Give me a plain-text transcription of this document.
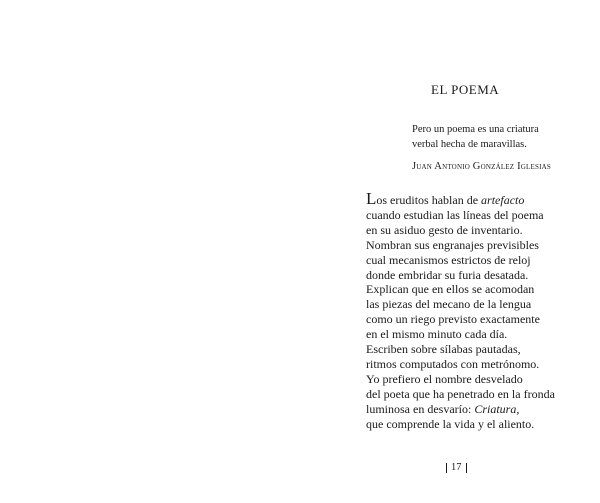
EL POEMA
Pero un poema es una criatura
verbal hecha de maravillas.
Juan Antonio González Iglesias
Los eruditos hablan de artefacto
cuando estudian las líneas del poema
en su asiduo gesto de inventario.
Nombran sus engranajes previsibles
cual mecanismos estrictos de reloj
donde embridar su furia desatada.
Explican que en ellos se acomodan
las piezas del mecano de la lengua
como un riego previsto exactamente
en el mismo minuto cada día.
Escriben sobre sílabas pautadas,
ritmos computados con metrónomo.
Yo prefiero el nombre desvelado
del poeta que ha penetrado en la fronda
luminosa en desvarío: Criatura,
que comprende la vida y el aliento.
17
